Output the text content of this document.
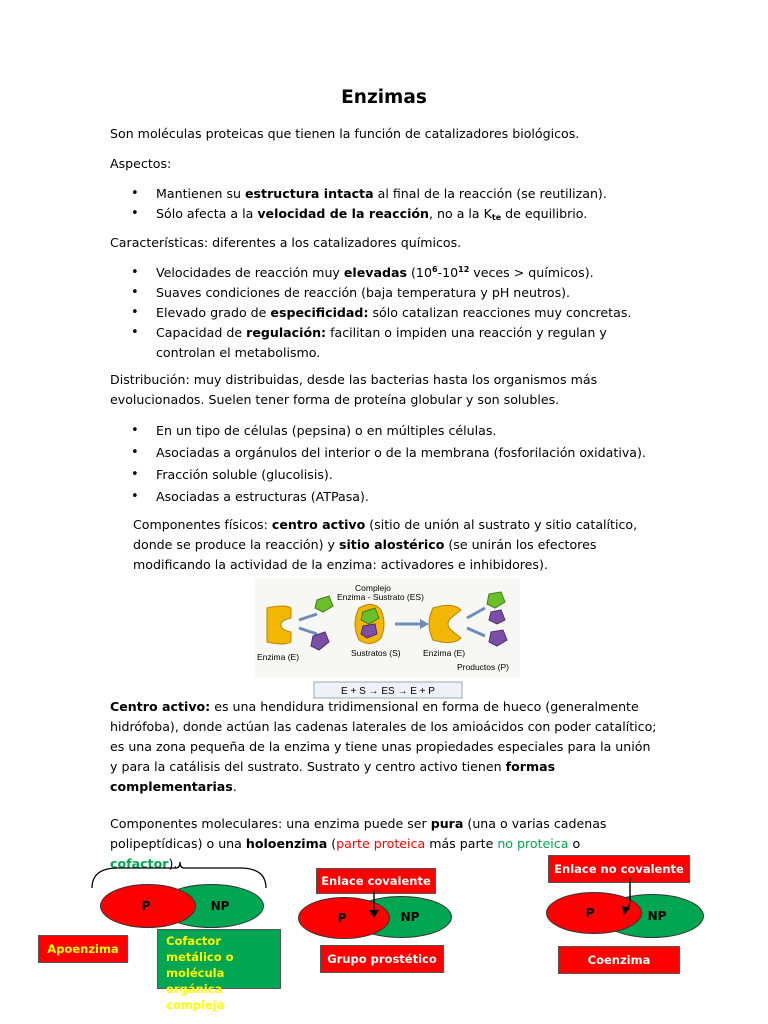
Enzimas
Son moléculas proteicas que tienen la función de catalizadores biológicos.
Aspectos:
• Mantienen su estructura intacta al final de la reacción (se reutilizan).
• Sólo afecta a la velocidad de la reacción, no a la $K_{te}$ de equilibrio.
Características: diferentes a los catalizadores químicos.
• Velocidades de reacción muy elevadas ($10^6-10^{12}$ veces > químicos).
• Suaves condiciones de reacción (baja temperatura y pH neutros).
• Elevado grado de especificidad: sólo catalizan reacciones muy concretas.
• Capacidad de regulación: facilitan o impiden una reacción y regulan y controlan el metabolismo.
Distribución: muy distribuidas, desde las bacterias hasta los organismos más evolucionados. Suelen tener forma de proteína globular y son solubles.
• En un tipo de células (pepsina) o en múltiples células.
• Asociadas a orgánulos del interior o de la membrana (fosforilación oxidativa).
• Fracción soluble (glucolisis).
• Asociadas a estructuras (ATPasa).
Componentes físicos: centro activo (sitio de unión al sustrato y sitio catalítico, donde se produce la reacción) y sitio alostérico (se unirán los efectores modificando la actividad de la enzima: activadores e inhibidores).
Complejo
Enzima - Sustrato (ES)
Enzima (E)	Sustratos (S)	Enzima (E)
Productos (P)
E + S → ES → E + P
Centro activo: es una hendidura tridimensional en forma de hueco (generalmente hidrófoba), donde actúan las cadenas laterales de los amioácidos con poder catalítico; es una zona pequeña de la enzima y tiene unas propiedades especiales para la unión y para la catálisis del sustrato. Sustrato y centro activo tienen formas complementarias.
Componentes moleculares: una enzima puede ser pura (una o varias cadenas polipeptídicas) o una holoenzima (parte proteica más parte no proteica o cofactor).
NP
P
Apoenzima
Cofactor metálico o molécula orgánica compleja
Enlace covalente
NP
P
Grupo prostético
Enlace no covalente
NP
P
Coenzima
